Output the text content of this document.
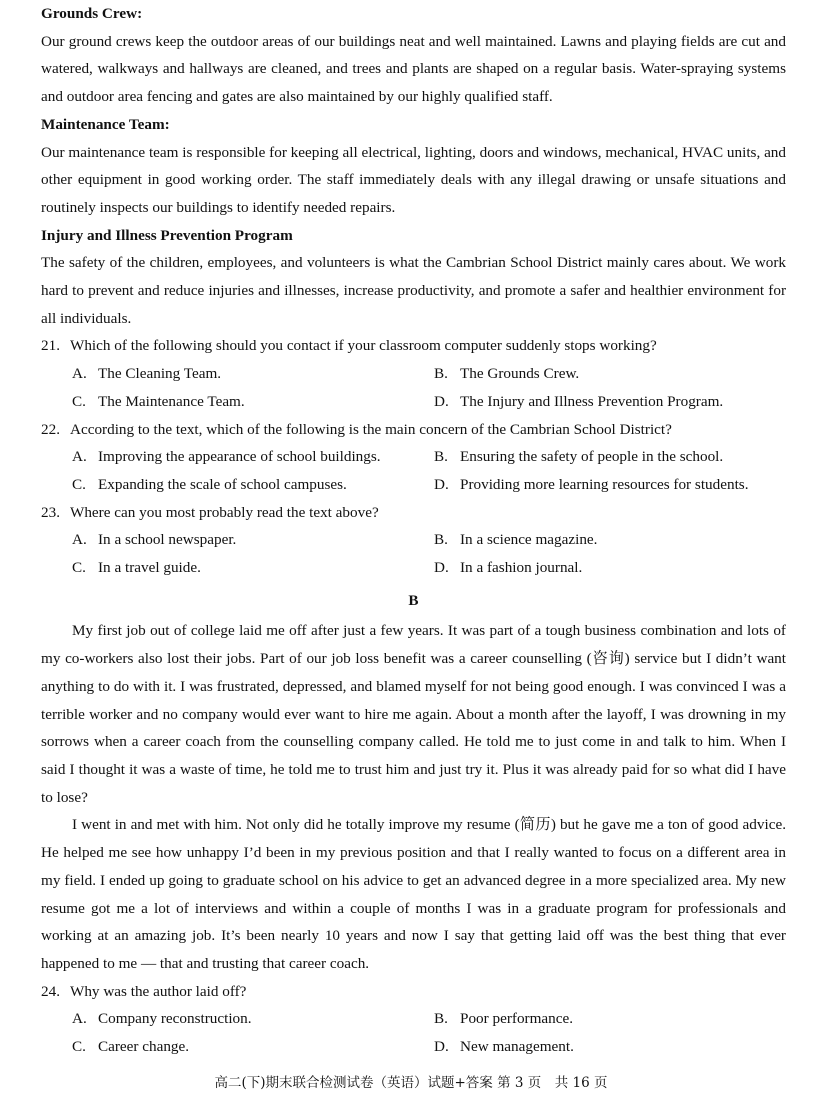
Grounds Crew:

Our ground crews keep the outdoor areas of our buildings neat and well maintained. Lawns and playing fields are cut and watered, walkways and hallways are cleaned, and trees and plants are shaped on a regular basis. Water-spraying systems and outdoor area fencing and gates are also maintained by our highly qualified staff.

Maintenance Team:

Our maintenance team is responsible for keeping all electrical, lighting, doors and windows, mechanical, HVAC units, and other equipment in good working order. The staff immediately deals with any illegal drawing or unsafe situations and routinely inspects our buildings to identify needed repairs.

Injury and Illness Prevention Program

The safety of the children, employees, and volunteers is what the Cambrian School District mainly cares about. We work hard to prevent and reduce injuries and illnesses, increase productivity, and promote a safer and healthier environment for all individuals.

21. Which of the following should you contact if your classroom computer suddenly stops working?
A. The Cleaning Team.	B. The Grounds Crew.
C. The Maintenance Team.	D. The Injury and Illness Prevention Program.
22. According to the text, which of the following is the main concern of the Cambrian School District?
A. Improving the appearance of school buildings.	B. Ensuring the safety of people in the school.
C. Expanding the scale of school campuses.	D. Providing more learning resources for students.
23. Where can you most probably read the text above?
A. In a school newspaper.	B. In a science magazine.
C. In a travel guide.	D. In a fashion journal.
B

My first job out of college laid me off after just a few years. It was part of a tough business combination and lots of my co-workers also lost their jobs. Part of our job loss benefit was a career counselling (咨询) service but I didn’t want anything to do with it. I was frustrated, depressed, and blamed myself for not being good enough. I was convinced I was a terrible worker and no company would ever want to hire me again. About a month after the layoff, I was drowning in my sorrows when a career coach from the counselling company called. He told me to just come in and talk to him. When I said I thought it was a waste of time, he told me to trust him and just try it. Plus it was already paid for so what did I have to lose?

I went in and met with him. Not only did he totally improve my resume (简历) but he gave me a ton of good advice. He helped me see how unhappy I’d been in my previous position and that I really wanted to focus on a different area in my field. I ended up going to graduate school on his advice to get an advanced degree in a more specialized area. My new resume got me a lot of interviews and within a couple of months I was in a graduate program for professionals and working at an amazing job. It’s been nearly 10 years and now I say that getting laid off was the best thing that ever happened to me — that and trusting that career coach.

24. Why was the author laid off?
A. Company reconstruction.	B. Poor performance.
C. Career change.	D. New management.
高二(下)期末联合检测试卷（英语）试题+答案 第 3 页　共 16 页
